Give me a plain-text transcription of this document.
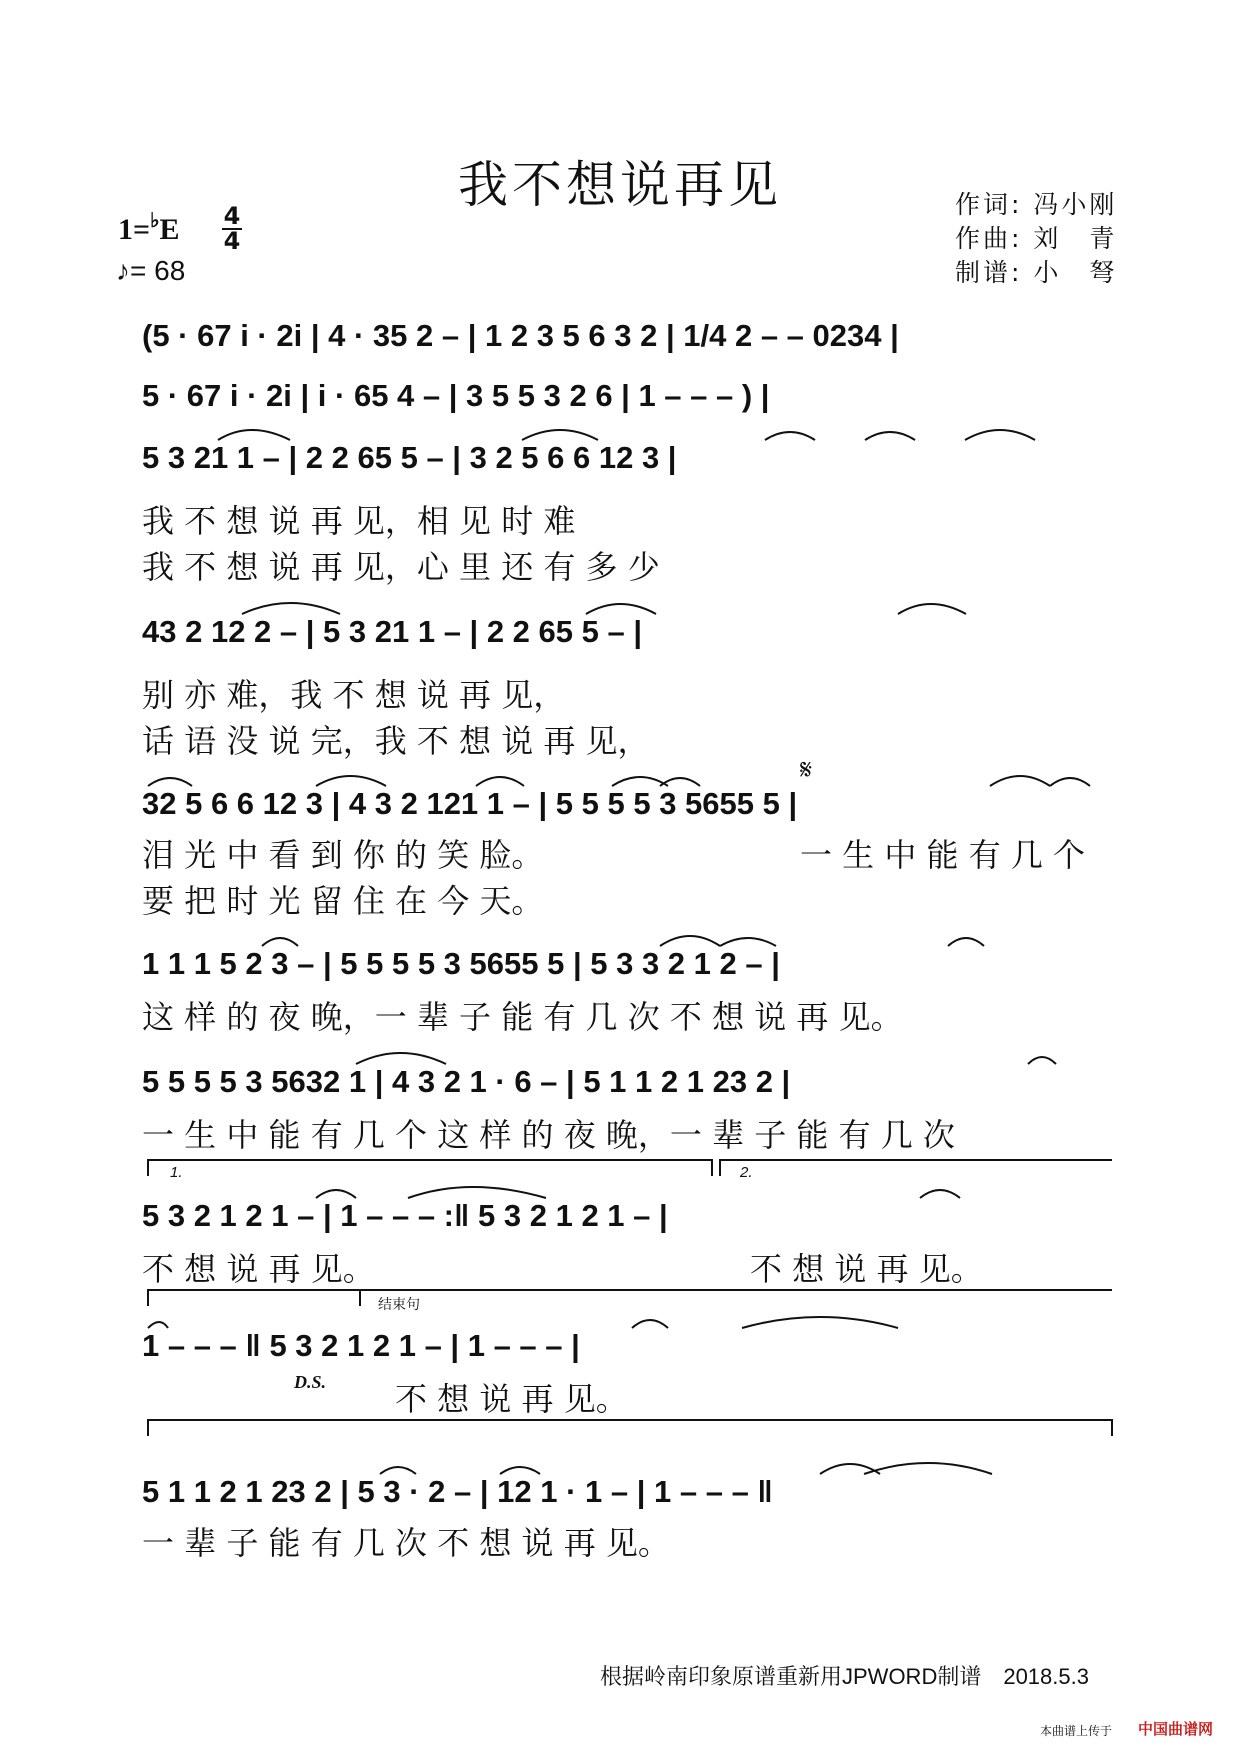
我不想说再见	作词: 冯小刚
作曲: 刘　青
制谱: 小　弩
1=♭E 4
4
♪= 68
𝄋
(5 · 67 i · 2i | 4 · 35 2 – | 1 2 3 5 6 3 2 | 1/4 2 – – 0234 |
5 · 67 i · 2i | i · 65 4 – | 3 5 5 3 2 6 | 1 – – – ) |
5 3 21 1 – | 2 2 65 5 – | 3 2 5 6 6 12 3 |
43 2 12 2 – | 5 3 21 1 – | 2 2 65 5 – |
32 5 6 6 12 3 | 4 3 2 121 1 – | 5 5 5 5 3 5655 5 |
1 1 1 5 2 3 – | 5 5 5 5 3 5655 5 | 5 3 3 2 1 2 – |
5 5 5 5 3 5632 1 | 4 3 2 1 · 6 – | 5 1 1 2 1 23 2 |
5 3 2 1 2 1 – | 1 – – – :‖ 5 3 2 1 2 1 – |
1 – – – ‖ 5 3 2 1 2 1 – | 1 – – – |
5 1 1 2 1 23 2 | 5 3 · 2 – | 12 1 · 1 – | 1 – – – ‖
我 不 想 说 再 见，相 见 时 难
我 不 想 说 再 见，心 里 还 有 多 少
别 亦 难，我 不 想 说 再 见，
话 语 没 说 完，我 不 想 说 再 见，
泪 光 中 看 到 你 的 笑 脸。	一 生 中 能 有 几 个
要 把 时 光 留 住 在 今 天。
这 样 的 夜 晚，一 辈 子 能 有 几 次 不 想 说 再 见。
一 生 中 能 有 几 个 这 样 的 夜 晚，一 辈 子 能 有 几 次
不 想 说 再 见。	不 想 说 再 见。
不 想 说 再 见。
一 辈 子 能 有 几 次 不 想 说 再 见。
1.	2.
结束句
D.S.
根据岭南印象原谱重新用JPWORD制谱　2018.5.3
本曲谱上传于 中国曲谱网
